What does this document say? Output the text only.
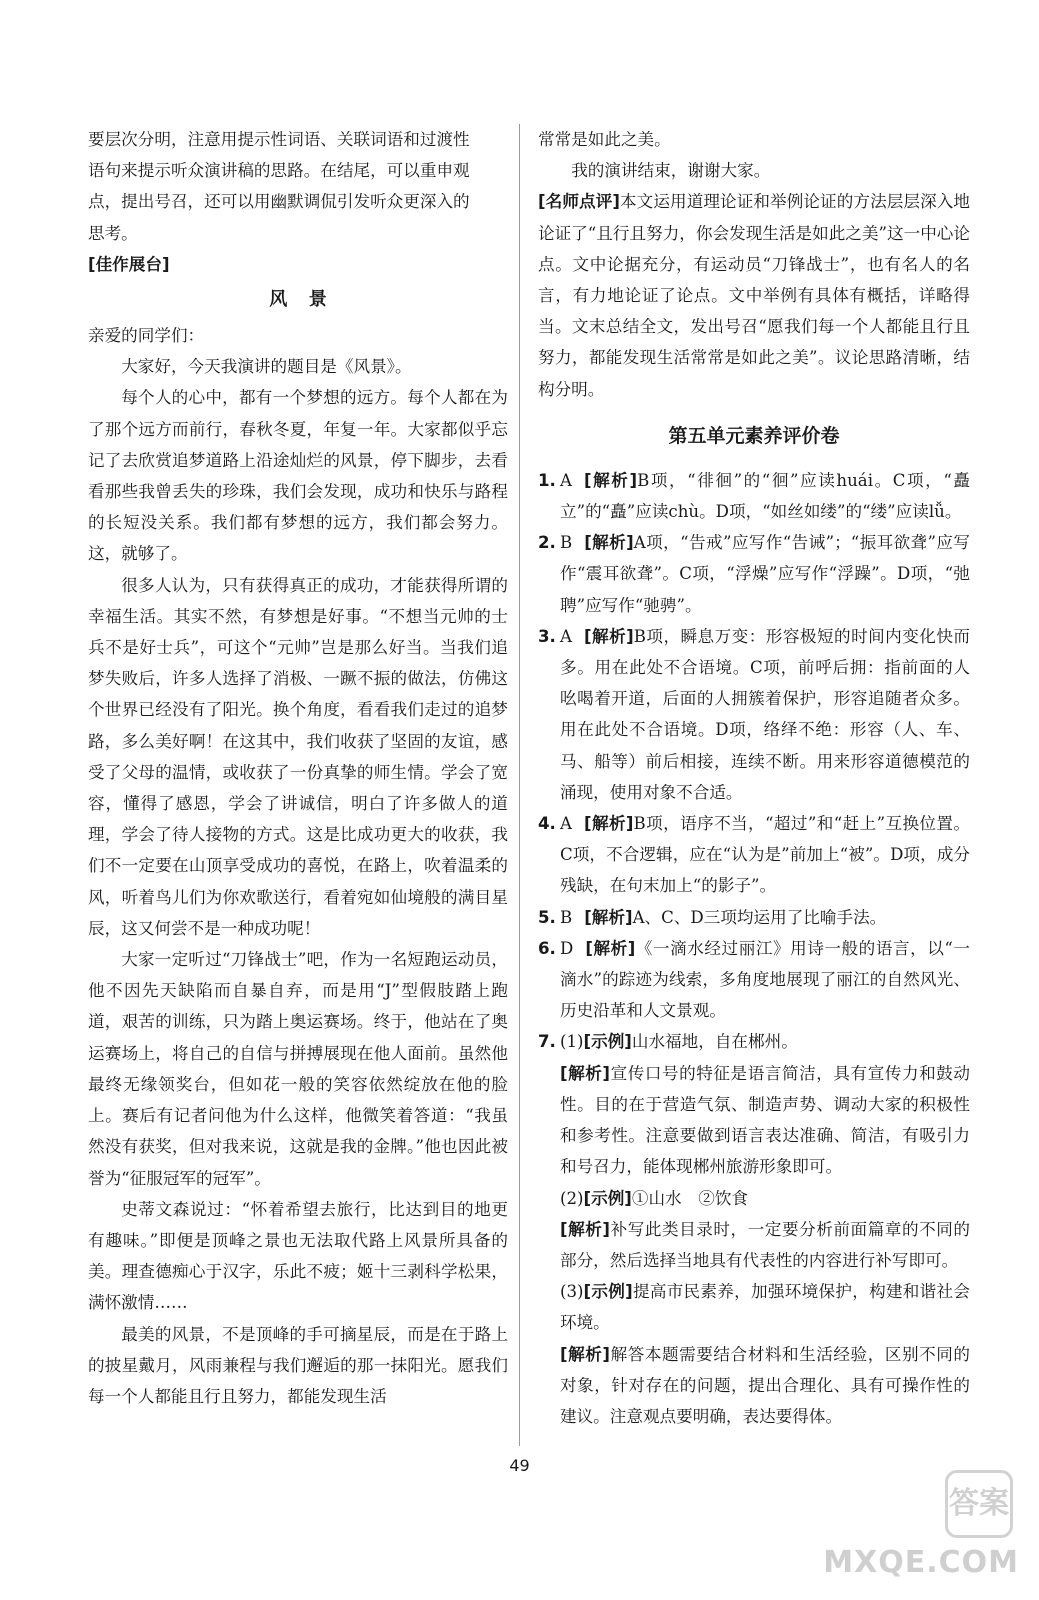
要层次分明，注意用提示性词语、关联词语和过渡性

语句来提示听众演讲稿的思路。在结尾，可以重申观

点，提出号召，还可以用幽默调侃引发听众更深入的

思考。

[佳作展台]

风景

亲爱的同学们：

大家好，今天我演讲的题目是《风景》。

每个人的心中，都有一个梦想的远方。每个人都在为了那个远方而前行，春秋冬夏，年复一年。大家都似乎忘记了去欣赏追梦道路上沿途灿烂的风景，停下脚步，去看看那些我曾丢失的珍珠，我们会发现，成功和快乐与路程的长短没关系。我们都有梦想的远方，我们都会努力。这，就够了。

很多人认为，只有获得真正的成功，才能获得所谓的幸福生活。其实不然，有梦想是好事。“不想当元帅的士兵不是好士兵”，可这个“元帅”岂是那么好当。当我们追梦失败后，许多人选择了消极、一蹶不振的做法，仿佛这个世界已经没有了阳光。换个角度，看看我们走过的追梦路，多么美好啊！在这其中，我们收获了坚固的友谊，感受了父母的温情，或收获了一份真挚的师生情。学会了宽容，懂得了感恩，学会了讲诚信，明白了许多做人的道理，学会了待人接物的方式。这是比成功更大的收获，我们不一定要在山顶享受成功的喜悦，在路上，吹着温柔的风，听着鸟儿们为你欢歌送行，看着宛如仙境般的满目星辰，这又何尝不是一种成功呢！

大家一定听过“刀锋战士”吧，作为一名短跑运动员，他不因先天缺陷而自暴自弃，而是用“J”型假肢踏上跑道，艰苦的训练，只为踏上奥运赛场。终于，他站在了奥运赛场上，将自己的自信与拼搏展现在他人面前。虽然他最终无缘领奖台，但如花一般的笑容依然绽放在他的脸上。赛后有记者问他为什么这样，他微笑着答道：“我虽然没有获奖，但对我来说，这就是我的金牌。”他也因此被誉为“征服冠军的冠军”。

史蒂文森说过：“怀着希望去旅行，比达到目的地更有趣味。”即便是顶峰之景也无法取代路上风景所具备的美。理查德痴心于汉字，乐此不疲；姬十三剥科学松果，满怀激情……

最美的风景，不是顶峰的手可摘星辰，而是在于路上的披星戴月，风雨兼程与我们邂逅的那一抹阳光。愿我们每一个人都能且行且努力，都能发现生活

常常是如此之美。

我的演讲结束，谢谢大家。

[名师点评]本文运用道理论证和举例论证的方法层层深入地论证了“且行且努力，你会发现生活是如此之美”这一中心论点。文中论据充分，有运动员“刀锋战士”，也有名人的名言，有力地论证了论点。文中举例有具体有概括，详略得当。文末总结全文，发出号召“愿我们每一个人都能且行且努力，都能发现生活常常是如此之美”。议论思路清晰，结构分明。

第五单元素养评价卷
1. A [解析]B项，“徘徊”的“徊”应读huái。C项，“矗立”的“矗”应读chù。D项，“如丝如缕”的“缕”应读lǚ。
2. B [解析]A项，“告戒”应写作“告诫”；“振耳欲聋”应写作“震耳欲聋”。C项，“浮燥”应写作“浮躁”。D项，“弛聘”应写作“驰骋”。
3. A [解析]B项，瞬息万变：形容极短的时间内变化快而多。用在此处不合语境。C项，前呼后拥：指前面的人吆喝着开道，后面的人拥簇着保护，形容追随者众多。用在此处不合语境。D项，络绎不绝：形容（人、车、马、船等）前后相接，连续不断。用来形容道德模范的涌现，使用对象不合适。
4. A [解析]B项，语序不当，“超过”和“赶上”互换位置。C项，不合逻辑，应在“认为是”前加上“被”。D项，成分残缺，在句末加上“的影子”。
5. B [解析]A、C、D三项均运用了比喻手法。
6. D [解析]《一滴水经过丽江》用诗一般的语言，以“一滴水”的踪迹为线索，多角度地展现了丽江的自然风光、历史沿革和人文景观。
7. (1)[示例]山水福地，自在郴州。
[解析]宣传口号的特征是语言简洁，具有宣传力和鼓动性。目的在于营造气氛、制造声势、调动大家的积极性和参考性。注意要做到语言表达准确、简洁，有吸引力和号召力，能体现郴州旅游形象即可。
(2)[示例]①山水　②饮食
[解析]补写此类目录时，一定要分析前面篇章的不同的部分，然后选择当地具有代表性的内容进行补写即可。
(3)[示例]提高市民素养，加强环境保护，构建和谐社会环境。
[解析]解答本题需要结合材料和生活经验，区别不同的对象，针对存在的问题，提出合理化、具有可操作性的建议。注意观点要明确，表达要得体。
49
答案
MXQE.COM
